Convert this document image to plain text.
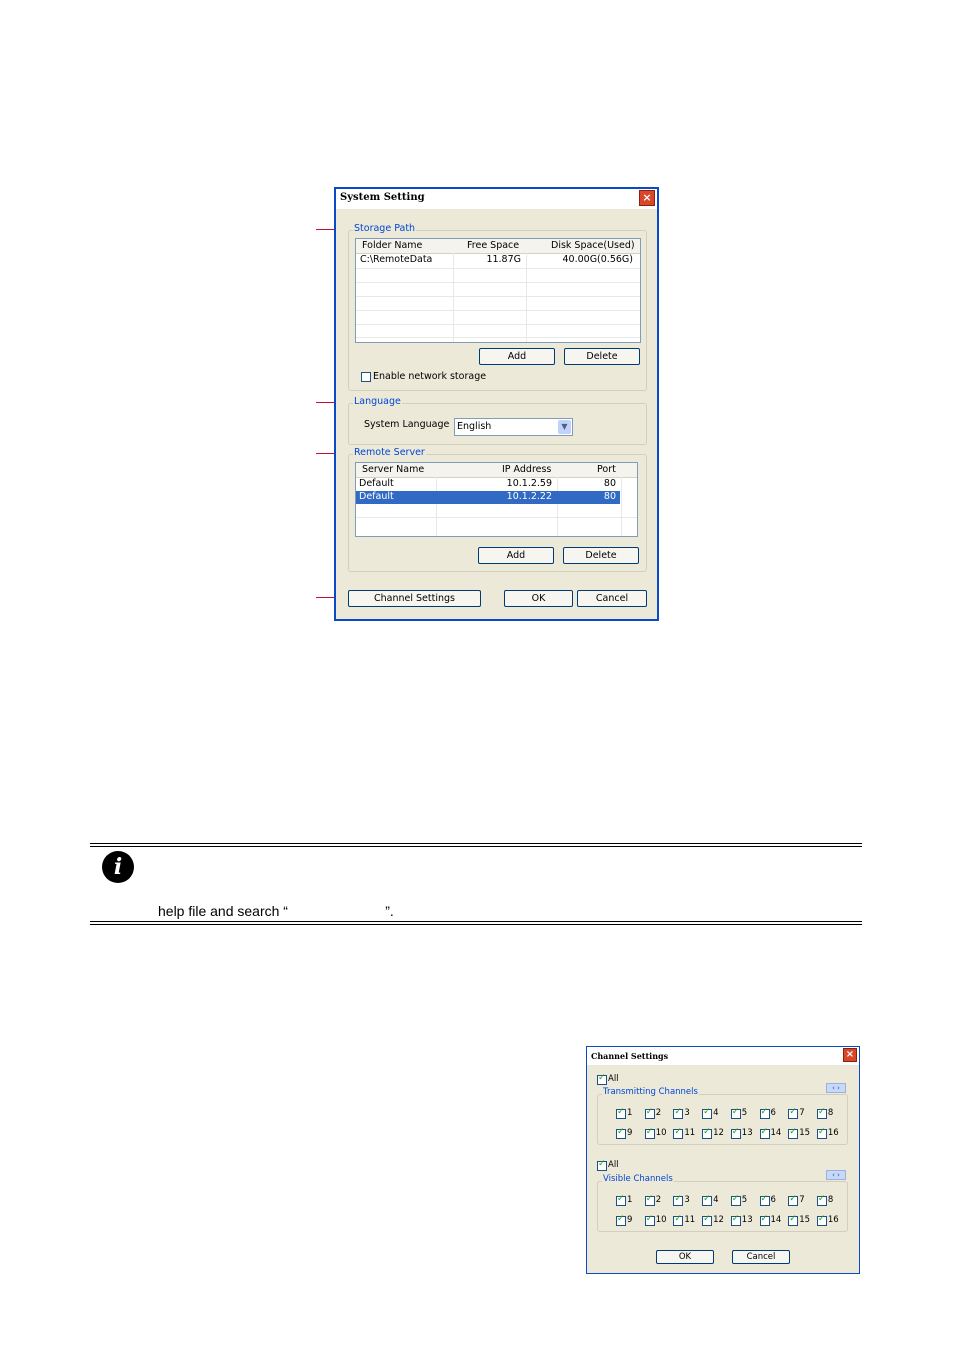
System Setting	×
Storage Path
Folder Name	Free Space	Disk Space(Used)
C:\RemoteData	11.87G	40.00G(0.56G)
Add	Delete
Enable network storage
Language
System Language English	▼
Remote Server
Server Name	IP Address	Port
Default	10.1.2.59	80
Default	10.1.2.22	80
Add	Delete
Channel Settings	OK	Cancel
i
help file and search “                         ”.
Channel Settings	×
✓
All
‹ ›
Transmitting Channels
✓
1 ✓	2 ✓	3 ✓	4 ✓	5 ✓	6 ✓	7 ✓	8
✓
9 ✓	10 ✓ 11 ✓ 12 ✓ 13 ✓ 14 ✓ 15 ✓ 16
✓
All
‹ ›
Visible Channels
✓
1 ✓	2 ✓	3 ✓	4 ✓	5 ✓	6 ✓	7 ✓	8
✓
9 ✓	10 ✓ 11 ✓ 12 ✓ 13 ✓ 14 ✓ 15 ✓ 16
OK	Cancel
